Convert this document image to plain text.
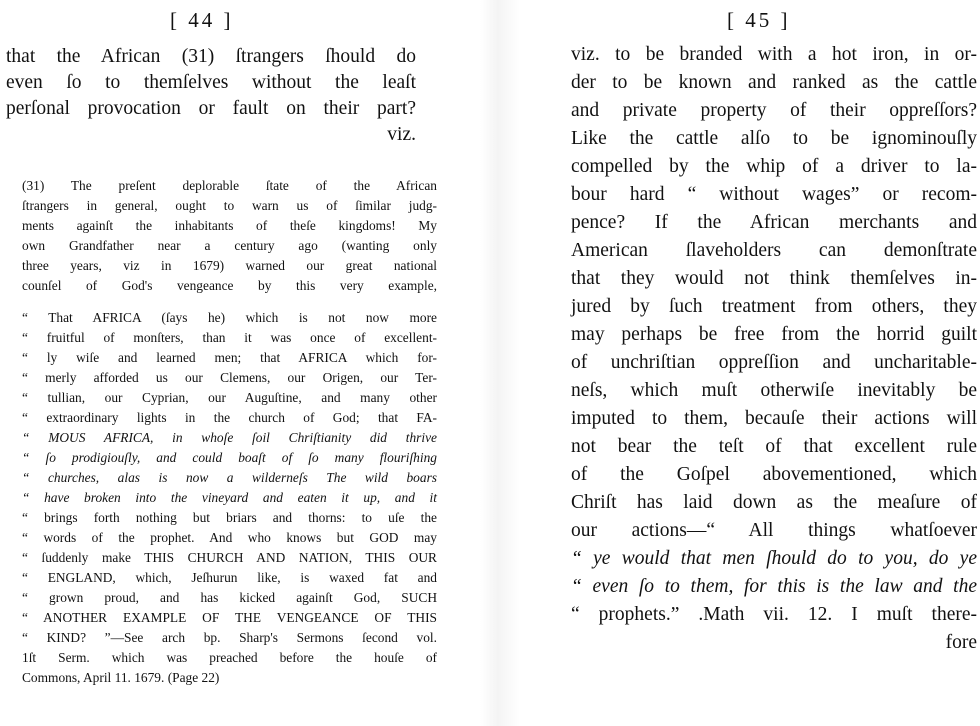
[ 44 ]
that the African (31) ſtrangers ſhould do
even ſo to themſelves without the leaſt
perſonal provocation or fault on their part?
viz.
(31) The preſent deplorable ſtate of the African
ſtrangers in general, ought to warn us of ſimilar judg-
ments againſt the inhabitants of theſe kingdoms! My
own Grandfather near a century ago (wanting only
three years, viz in 1679) warned our great national
counſel of God's vengeance by this very example,
“ That AFRICA (ſays he) which is not now more
“ fruitful of monſters, than it was once of excellent-
“ ly wiſe and learned men; that AFRICA which for-
“ merly afforded us our Clemens, our Origen, our Ter-
“ tullian, our Cyprian, our Auguſtine, and many other
“ extraordinary lights in the church of God; that FA-
“ MOUS AFRICA, in whoſe ſoil Chriſtianity did thrive
“ ſo prodigiouſly, and could boaſt of ſo many flouriſhing
“ churches, alas is now a wilderneſs The wild boars
“ have broken into the vineyard and eaten it up, and it
“ brings forth nothing but briars and thorns: to uſe the
“ words of the prophet. And who knows but GOD may
“ ſuddenly make THIS CHURCH AND NATION, THIS OUR
“ ENGLAND, which, Jeſhurun like, is waxed fat and
“ grown proud, and has kicked againſt God, SUCH
“ ANOTHER EXAMPLE OF THE VENGEANCE OF THIS
“ KIND? ”—See arch bp. Sharp's Sermons ſecond vol.
1ſt Serm. which was preached before the houſe of
Commons, April 11. 1679. (Page 22)
[ 45 ]
viz. to be branded with a hot iron, in or-
der to be known and ranked as the cattle
and private property of their oppreſſors?
Like the cattle alſo to be ignominouſly
compelled by the whip of a driver to la-
bour hard “ without wages” or recom-
pence? If the African merchants and
American ſlaveholders can demonſtrate
that they would not think themſelves in-
jured by ſuch treatment from others, they
may perhaps be free from the horrid guilt
of unchriſtian oppreſſion and uncharitable-
neſs, which muſt otherwiſe inevitably be
imputed to them, becauſe their actions will
not bear the teſt of that excellent rule
of the Goſpel abovementioned, which
Chriſt has laid down as the meaſure of
our actions—“ All things whatſoever
“ ye would that men ſhould do to you, do ye
“ even ſo to them, for this is the law and the
“ prophets.” .Math vii. 12. I muſt there-
fore
